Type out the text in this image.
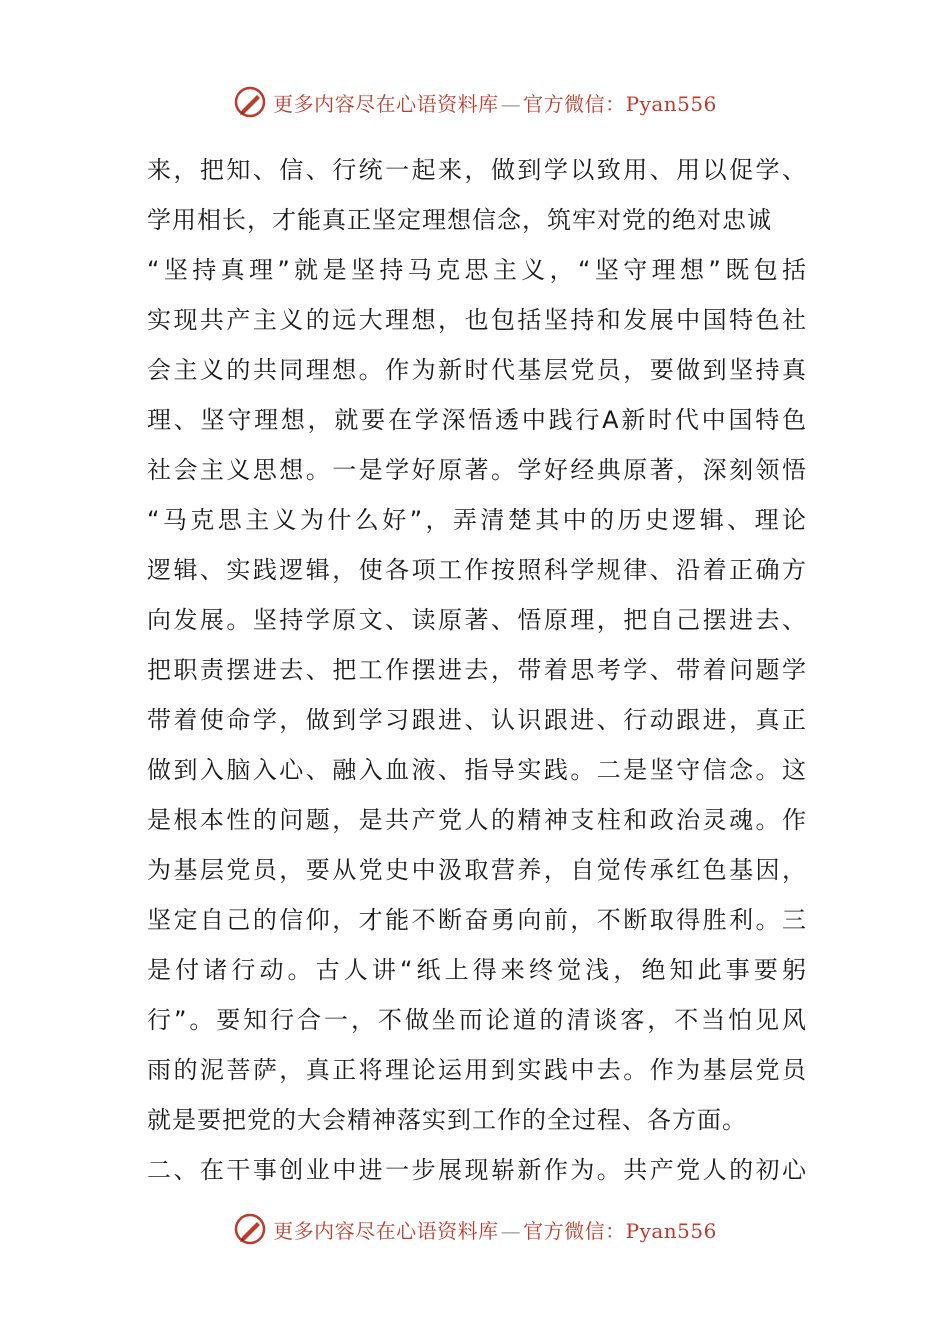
更多内容尽在心语资料库 — 官方微信：Pyan556
来，把知、信、行统一起来，做到学以致用、用以促学、
学用相长，才能真正坚定理想信念，筑牢对党的绝对忠诚
“坚持真理”就是坚持马克思主义，“坚守理想”既包括
实现共产主义的远大理想，也包括坚持和发展中国特色社
会主义的共同理想。作为新时代基层党员，要做到坚持真
理、坚守理想，就要在学深悟透中践行A新时代中国特色
社会主义思想。一是学好原著。学好经典原著，深刻领悟
“马克思主义为什么好”，弄清楚其中的历史逻辑、理论
逻辑、实践逻辑，使各项工作按照科学规律、沿着正确方
向发展。坚持学原文、读原著、悟原理，把自己摆进去、
把职责摆进去、把工作摆进去，带着思考学、带着问题学
带着使命学，做到学习跟进、认识跟进、行动跟进，真正
做到入脑入心、融入血液、指导实践。二是坚守信念。这
是根本性的问题，是共产党人的精神支柱和政治灵魂。作
为基层党员，要从党史中汲取营养，自觉传承红色基因，
坚定自己的信仰，才能不断奋勇向前，不断取得胜利。三
是付诸行动。古人讲“纸上得来终觉浅，绝知此事要躬
行”。要知行合一，不做坐而论道的清谈客，不当怕见风
雨的泥菩萨，真正将理论运用到实践中去。作为基层党员
就是要把党的大会精神落实到工作的全过程、各方面。
二、在干事创业中进一步展现崭新作为。共产党人的初心
更多内容尽在心语资料库 — 官方微信：Pyan556
